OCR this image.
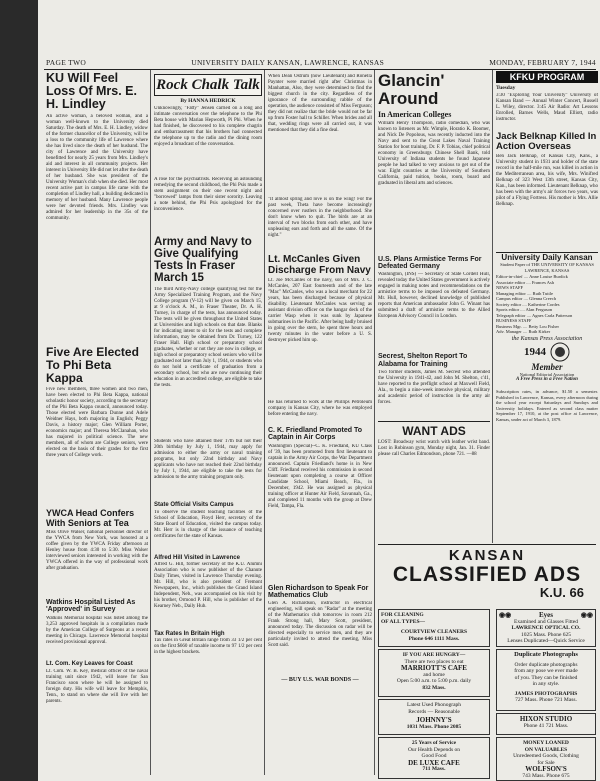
PAGE TWO	UNIVERSITY DAILY KANSAN, LAWRENCE, KANSAS	MONDAY, FEBRUARY 7, 1944
KU Will Feel Loss Of Mrs. E. H. Lindley

An active woman, a beloved woman, and a woman well-known to the University died Saturday. The death of Mrs. E. H. Lindley, widow of the former chancellor of the University, will be a loss to the community life of Lawrence where she has lived since the death of her husband. The city of Lawrence and the University have benefitted for nearly 25 years from Mrs. Lindley's aid and interest in all community projects. Her interest in University life did not let after the death of her husband. She was president of the University Woman's club when she died. Her most recent active part in campus life came with the completion of Lindley hall, a building dedicated in memory of her husband. Many Lawrence people were her devoted friends. Mrs. Lindley was admired for her leadership in the 35s of the community.

Five Are Elected To Phi Beta Kappa

Five new members, three women and two men, have been elected to Phi Beta Kappa, national scholastic honor society, according to the secretary of the Phi Beta Kappa council, announced today. Those elected were Barbara Dunne and Adele Weidner Hays, both majoring in English; Peggy Davis, a history major; Glen William Porter, economics major; and Theresa McClanahan, who has majored in political science. The new members, all of whom are College seniors, were elected on the basis of their grades for the first three years of College work.

YWCA Head Confers With Seniors at Tea

Miss Olive Walser, national personnel director of the YWCA from New York, was honored at a coffee given by the YWCA Friday afternoon at Henley house from 4:30 to 5:30. Miss Walser interviewed seniors interested in working with the YWCA offered in the way of professional work after graduation.

Watkins Hospital Listed As 'Approved' in Survey

Watkins Memorial hospital was listed among the 3,253 approved hospitals in a compilation made by the American College of Surgeons at a recent meeting in Chicago. Lawrence Memorial hospital received provisional approval.

Lt. Com. Key Leaves for Coast

Lt. Com. W. B. Key, medical officer of the naval training unit since 1942, will leave for San Francisco soon where he will be assigned to foreign duty. His wife will leave for Memphis, Tenn., to stand on where she will live with her parents.

Rock Chalk Talk
By HANNA HEDRICK

Unknowingly, "Fatty" Jensen carried on a long and intimate conversation over the telephone to the Phi Beta house with Marian Hepworth, Pi Phi. When he had finished, he discovered to his complete chagrin and embarrassment that his brothers had connected the telephone up to the radio and the dining room enjoyed a broadcast of the conversation.

A rose for the psychiatrists. Receiving an astounding remedying the second childhood, the Phi Psis made a stem assignment on their one recent night and "borrowed" lamps from their sister sorority. Leaving a note behind, the Phi Psis apologized for the inconvenience.

Army and Navy to Give Qualifying Tests In Fraser March 15

The third Army-Navy college qualifying test for the Army Specialized Training Program, and the Navy College program (V-12) will be given on March 15, at 9 o'clock A. M., in Fraser Theater, Dr. A. H. Turney, in charge of the tests, has announced today. The tests will be given throughout the United States at Universities and high schools on that date. Blanks for indicating intent to sit for the tests and complete information, may be obtained from Dr. Turney, 122 Fraser Hall. High school or preparatory school graduates, whether or not they are now in college, or high school or preparatory school seniors who will be graduated not later than July 1, 1944, or students who do not hold a certificate of graduation from a secondary school, but who are now continuing their education in an accredited college, are eligible to take the tests.

Students who have attained their 17th but not their 20th birthday by July 1, 1944, may apply for admission to either the army or naval training programs, but only 22nd birthday and Navy applicants who have not reached their 22nd birthday by July 1, 1944, are eligible to take the tests for admission to the army training program only.

State Official Visits Campus

To observe the student teaching facilities of the School of Education, Floyd Herr, secretary of the State Board of Education, visited the campus today. Mr. Herr is in charge of the issuance of teaching certificates for the state of Kansas.

Alfred Hill Visited in Lawrence

Alfred G. Hill, former secretary of the K.U. Alumni Association who is now publisher of the Chanute Daily Times, visited in Lawrence Thursday evening. Mr. Hill, who is also president of Fremont Newspapers, Inc., which publishes the Grand Island Independent, Neb., was accompanied on his visit by his brother, Ormond P. Hill, who is publisher of the Kearney Neb., Daily Hub.

Tax Rates In Britain High

Tax rates in Great Britain range from 33 1/2 per cent on the first $660 of taxable income to 97 1/2 per cent in the highest brackets.

When Dean Ostrum (now Lieutenant) and Ronella Paynter were married right after Christmas in Manhattan, Also, they were determined to find the biggest church in the city. Regardless of the ignorance of the surrounding rabble of the operation, the audience consisted of Miss Ferguson; they did not realize that the bride would not be far up from Foster hall to Schiller. When brides and all that, wedding rings were all carried out, it was mentioned that they did a fine deal.

"It almost spring and love is on the wing! For the past week, Theta have become increasingly concerned over rustlers in the neighborhood. She don't know when to quit. The birds are at an interval of two blocks from each other, and have unpleasing ears and forth and all the same. Of the night."

Lt. McCanles Given Discharge From Navy

Lt. Joe McCanles of the navy, son of Mrs. J. C. McCanles, 207 East fourteenth and of the late "Mac" McCanles, who was a local merchant for 22 years, has been discharged because of physical disability. Lieutenant McCanles was serving as assistant division officer on the hangar deck of the carrier Wasp when it was sunk by Japanese submarines in the Pacific. After being badly bruised in going over the stern, he spent three hours and twenty minutes in the water before a U. S. destroyer picked him up.

He has returned to work at the Phillips Petroleum company in Kansas City, where he was employed before entering the navy.

C. K. Friedland Promoted To Captain in Air Corps

Washington (Special)--C. K. Friedland, KU Class of '39, has been promoted from first lieutenant to captain in the Army Air Corps, the War Department announced. Captain Friedland's home is in New Cliff. Friedland received his commission in second lieutenant upon completing a course at Officer Candidate School, Miami Beach, Fla., in December, 1942. He was assigned as physical training officer at Hunter Air Field, Savannah, Ga., and completed 11 months with the group at Drew Field, Tampa, Fla.

Glen Richardson to Speak For Mathematics Club

Glen A. Richardson, instructor in electrical engineering, will speak on "Radar" at the meeting of the Mathematics club tomorrow in room 212 Frank Strong hall, Mary Scott, president, announced today. The discussion on radar will be directed especially to service men, and they are particularly invited to attend the meeting, Miss Scott said.

— BUY U.S. WAR BONDS —
Glancin' Around
In American Colleges

William Henry Thompson, radio comedian, who was known to listeners as Mr. Wimple, Horatio K. Boomer, and Nick De Popolous, was recently inducted into the Navy and sent to the Great Lakes Naval Training Station for boot training. Dr. F. P. Tobias, chief political economy in Greensburgs Chinese Shell Bank, told University of Indiana students he found Japanese people he had talked to very anxious to get out of the war. Eight countries at the University of Southern California, paid tuition, books, room, board and graduated in liberal arts and sciences.

U.S. Plans Armistice Terms For Defeated Germany

Washington, (INS) — Secretary of State Cordell Hull, revealed today the United States government is actively engaged in making notes and recommendations on the armistice terms to be imposed on defeated Germany. Mr. Hull, however, declined knowledge of published reports that American ambassador John G. Winant has submitted a draft of armistice terms to the Allied European Advisory Council in London.

Secrest, Shelton Report To Alabama for Training

Two former students, James M. Secrest who attended the University in 1941-42, and John M. Shelton, c'41, have reported to the preflight school at Maxwell Field, Ala., to begin a nine-week intensive physical, military and academic period of instruction in the army air forces.

WANT ADS

LOST: Broadway wrist watch with leather wrist band. Lost in Robinson gym, Monday night, Jan. 31. Finder please call Charles Edmondson, phone 721. —88

KFKU PROGRAM
Tuesday

3:30 "Exploring Your University" University of Kansan Band — Annual Winter Concert, Russell L. Wiley, director. 3:45 Air Radio: Art Lessons Enrolled, Barnes Wells, Maud Elliott, radio instructor.

Jack Belknap Killed In Action Overseas

Ben Jack Belknap, of Kansas City, Kans., a University student in 1931 and holder of the state record in the half-mile run, was killed in action in the Mediterranean area, his wife, Mrs. Winifred Belknap of 323 West 13th street, Kansas City, Kan., has been informed. Lieutenant Belknap, who has been with the army's air forces two years, was pilot of a Flying Fortress. His mother is Mrs. Allie Belknap.

University Daily Kansan
Student Paper of THE UNIVERSITY OF KANSAS LAWRENCE, KANSAS

Editor-in-chief .... Anne Louise Burdick
Associate editor .... Frances Ash
NEWS STAFF
Managing editor .... Ruth Tuttle
Campus editor .... Glenna Creech
Society editor .... Katherine Cordes
Sports editor .... Alan Ferguson
Telegraph editor .... Agnes Carla Patterson
BUSINESS STAFF
Business Mgr. .... Betty Lou Fisher
Adv. Manager .... Ruth Kirker

the Kansas Press Association
1944
Member
National Editorial Association
A Free Press in a Free Nation

Subscription rates, in advance, $1.50 a semester. Published in Lawrence, Kansas, every afternoon during the school year except Saturdays and Sundays and University holidays. Entered as second class matter September 17, 1910, at the post office at Lawrence, Kansas, under act of March 3, 1879.

KANSAN
CLASSIFIED ADS
K.U. 66
FOR CLEANING
OF ALL TYPES—
COURTVIEW CLEANERS
Phone 646 1111 Mass.
IF YOU ARE HUNGRY—
There are two places to eat
MARRIOTT'S CAFE
and home
Open 5:00 a.m. to 5:00 p.m. daily
832 Mass.
Latest Used Phonograph
Records — Reasonable
JOHNNY'S
1031 Mass. Phone 2085
25 Years of Service
Our Health Depends on
Good Food
DE LUXE CAFE
711 Mass.
◉◉	Eyes	◉◉
Examined and Glasses Fitted
LAWRENCE OPTICAL CO.
1025 Mass. Phone 625
Lenses Duplicated—Quick Service
Duplicate Photographs
Order duplicate photographs
from any pose we ever made
of you. They can be finished
in any style.
JAMES PHOTOGRAPHS
727 Mass. Phone 721 Mass.
HIXON STUDIO
Phone 41 721 Mass.
MONEY LOANED
ON VALUABLES
Unredeemed Goods, Clothing
for Sale
WOLFSON'S
743 Mass. Phone 675
